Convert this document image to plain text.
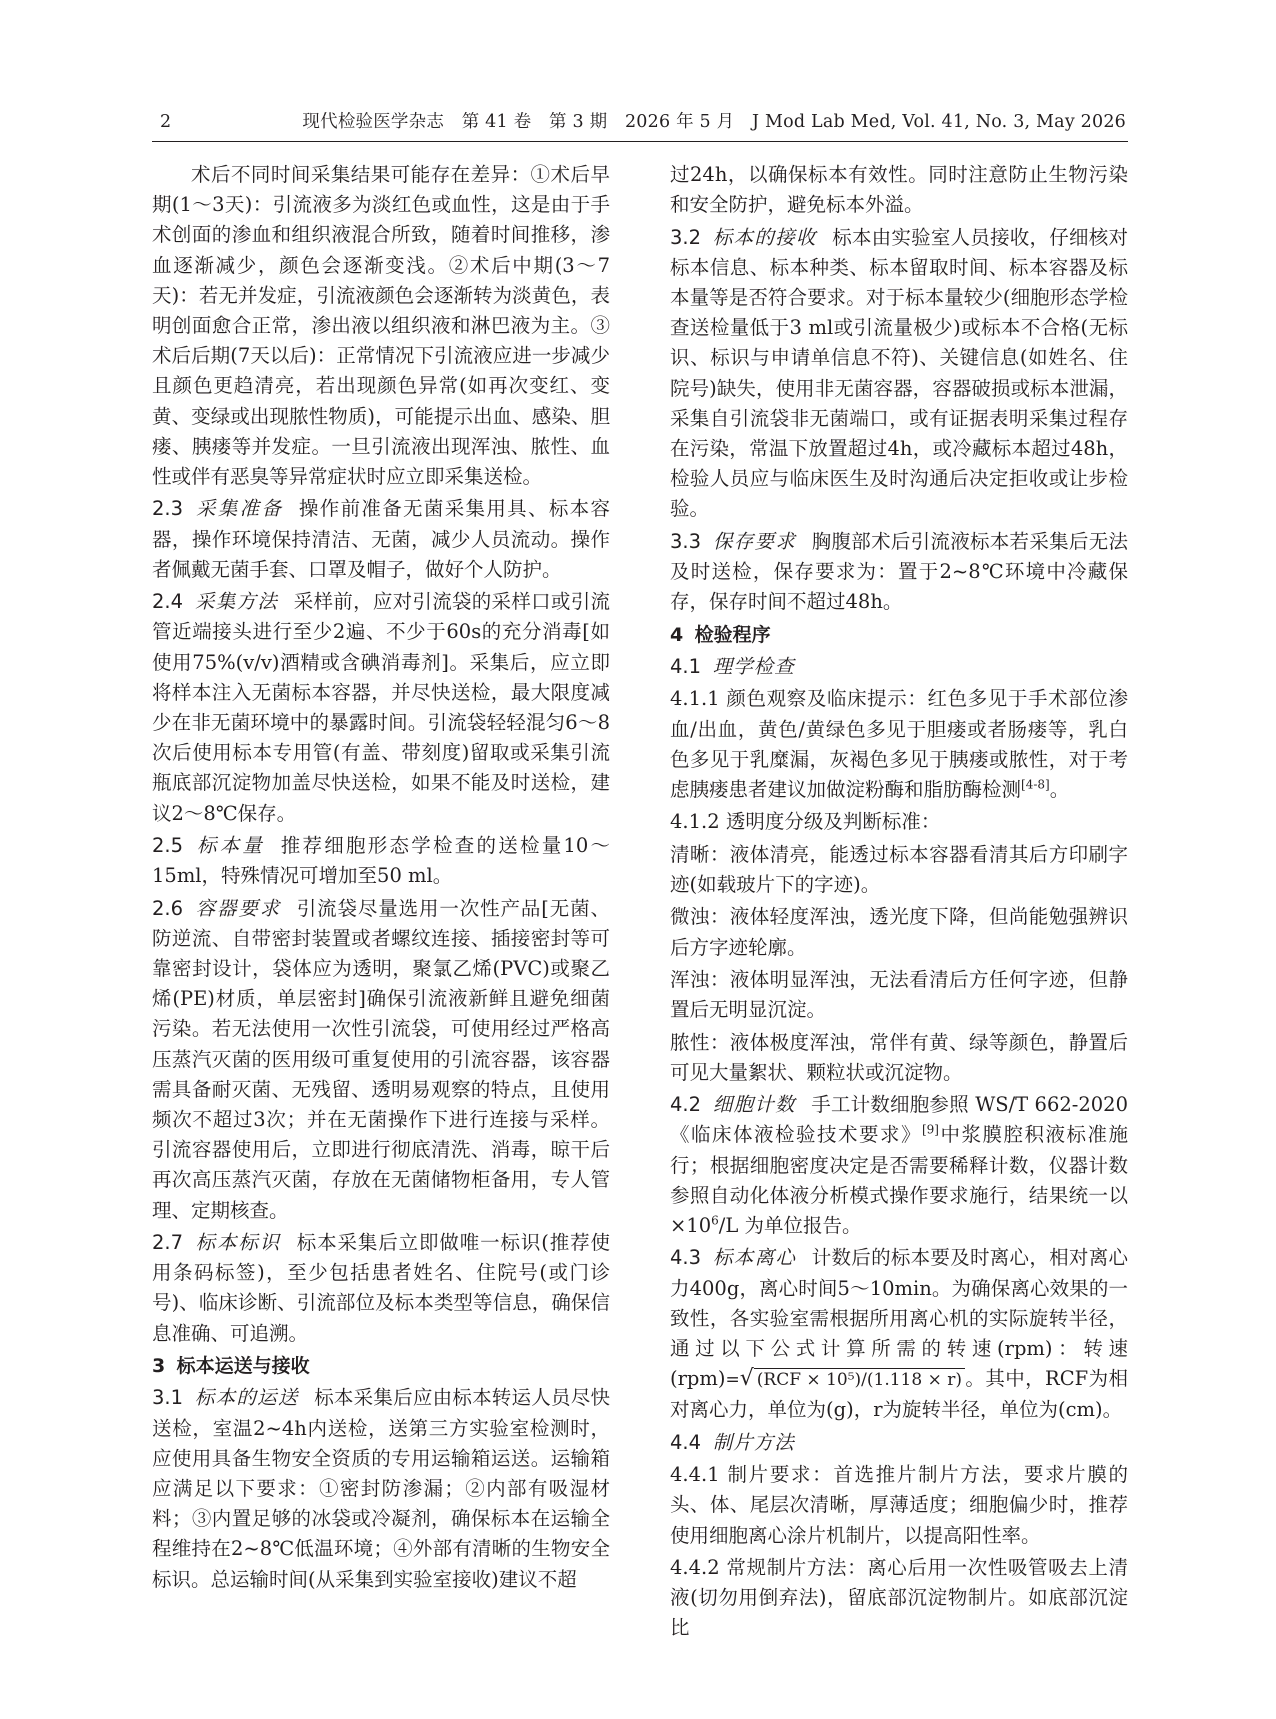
2	现代检验医学杂志　第 41 卷　第 3 期　2026 年 5 月　J Mod Lab Med, Vol. 41, No. 3, May 2026

术后不同时间采集结果可能存在差异：①术后早期(1～3天)：引流液多为淡红色或血性，这是由于手术创面的渗血和组织液混合所致，随着时间推移，渗血逐渐减少，颜色会逐渐变浅。②术后中期(3～7天)：若无并发症，引流液颜色会逐渐转为淡黄色，表明创面愈合正常，渗出液以组织液和淋巴液为主。③术后后期(7天以后)：正常情况下引流液应进一步减少且颜色更趋清亮，若出现颜色异常(如再次变红、变黄、变绿或出现脓性物质)，可能提示出血、感染、胆瘘、胰瘘等并发症。一旦引流液出现浑浊、脓性、血性或伴有恶臭等异常症状时应立即采集送检。

2.3 采集准备 操作前准备无菌采集用具、标本容器，操作环境保持清洁、无菌，减少人员流动。操作者佩戴无菌手套、口罩及帽子，做好个人防护。

2.4 采集方法 采样前，应对引流袋的采样口或引流管近端接头进行至少2遍、不少于60s的充分消毒[如使用75%(v/v)酒精或含碘消毒剂]。采集后，应立即将样本注入无菌标本容器，并尽快送检，最大限度减少在非无菌环境中的暴露时间。引流袋轻轻混匀6～8次后使用标本专用管(有盖、带刻度)留取或采集引流瓶底部沉淀物加盖尽快送检，如果不能及时送检，建议2～8℃保存。

2.5 标本量 推荐细胞形态学检查的送检量10～15ml，特殊情况可增加至50 ml。

2.6 容器要求 引流袋尽量选用一次性产品[无菌、防逆流、自带密封装置或者螺纹连接、插接密封等可靠密封设计，袋体应为透明，聚氯乙烯(PVC)或聚乙烯(PE)材质，单层密封]确保引流液新鲜且避免细菌污染。若无法使用一次性引流袋，可使用经过严格高压蒸汽灭菌的医用级可重复使用的引流容器，该容器需具备耐灭菌、无残留、透明易观察的特点，且使用频次不超过3次；并在无菌操作下进行连接与采样。引流容器使用后，立即进行彻底清洗、消毒，晾干后再次高压蒸汽灭菌，存放在无菌储物柜备用，专人管理、定期核查。

2.7 标本标识 标本采集后立即做唯一标识(推荐使用条码标签)，至少包括患者姓名、住院号(或门诊号)、临床诊断、引流部位及标本类型等信息，确保信息准确、可追溯。

3 标本运送与接收

3.1 标本的运送 标本采集后应由标本转运人员尽快送检，室温2~4h内送检，送第三方实验室检测时，应使用具备生物安全资质的专用运输箱运送。运输箱应满足以下要求：①密封防渗漏；②内部有吸湿材料；③内置足够的冰袋或冷凝剂，确保标本在运输全程维持在2~8℃低温环境；④外部有清晰的生物安全标识。总运输时间(从采集到实验室接收)建议不超

过24h，以确保标本有效性。同时注意防止生物污染和安全防护，避免标本外溢。

3.2 标本的接收 标本由实验室人员接收，仔细核对标本信息、标本种类、标本留取时间、标本容器及标本量等是否符合要求。对于标本量较少(细胞形态学检查送检量低于3 ml或引流量极少)或标本不合格(无标识、标识与申请单信息不符)、关键信息(如姓名、住院号)缺失，使用非无菌容器，容器破损或标本泄漏，采集自引流袋非无菌端口，或有证据表明采集过程存在污染，常温下放置超过4h，或冷藏标本超过48h，检验人员应与临床医生及时沟通后决定拒收或让步检验。

3.3 保存要求 胸腹部术后引流液标本若采集后无法及时送检，保存要求为：置于2~8℃环境中冷藏保存，保存时间不超过48h。

4 检验程序

4.1 理学检查

4.1.1 颜色观察及临床提示：红色多见于手术部位渗血/出血，黄色/黄绿色多见于胆瘘或者肠瘘等，乳白色多见于乳糜漏，灰褐色多见于胰瘘或脓性，对于考虑胰瘘患者建议加做淀粉酶和脂肪酶检测[4-8]。

4.1.2 透明度分级及判断标准：

清晰：液体清亮，能透过标本容器看清其后方印刷字迹(如载玻片下的字迹)。

微浊：液体轻度浑浊，透光度下降，但尚能勉强辨识后方字迹轮廓。

浑浊：液体明显浑浊，无法看清后方任何字迹，但静置后无明显沉淀。

脓性：液体极度浑浊，常伴有黄、绿等颜色，静置后可见大量絮状、颗粒状或沉淀物。

4.2 细胞计数 手工计数细胞参照 WS/T 662-2020《临床体液检验技术要求》[9]中浆膜腔积液标准施行；根据细胞密度决定是否需要稀释计数，仪器计数参照自动化体液分析模式操作要求施行，结果统一以 $\times 10^6/L$ 为单位报告。

4.3 标本离心 计数后的标本要及时离心，相对离心力400g，离心时间5～10min。为确保离心效果的一致性，各实验室需根据所用离心机的实际旋转半径，通过以下公式计算所需的转速(rpm)：转速(rpm)=√ (RCF × 10⁵)/(1.118 × r) 。其中，RCF为相对离心力，单位为(g)，r为旋转半径，单位为(cm)。

4.4 制片方法

4.4.1 制片要求：首选推片制片方法，要求片膜的头、体、尾层次清晰，厚薄适度；细胞偏少时，推荐使用细胞离心涂片机制片，以提高阳性率。

4.4.2 常规制片方法：离心后用一次性吸管吸去上清液(切勿用倒弃法)，留底部沉淀物制片。如底部沉淀比
